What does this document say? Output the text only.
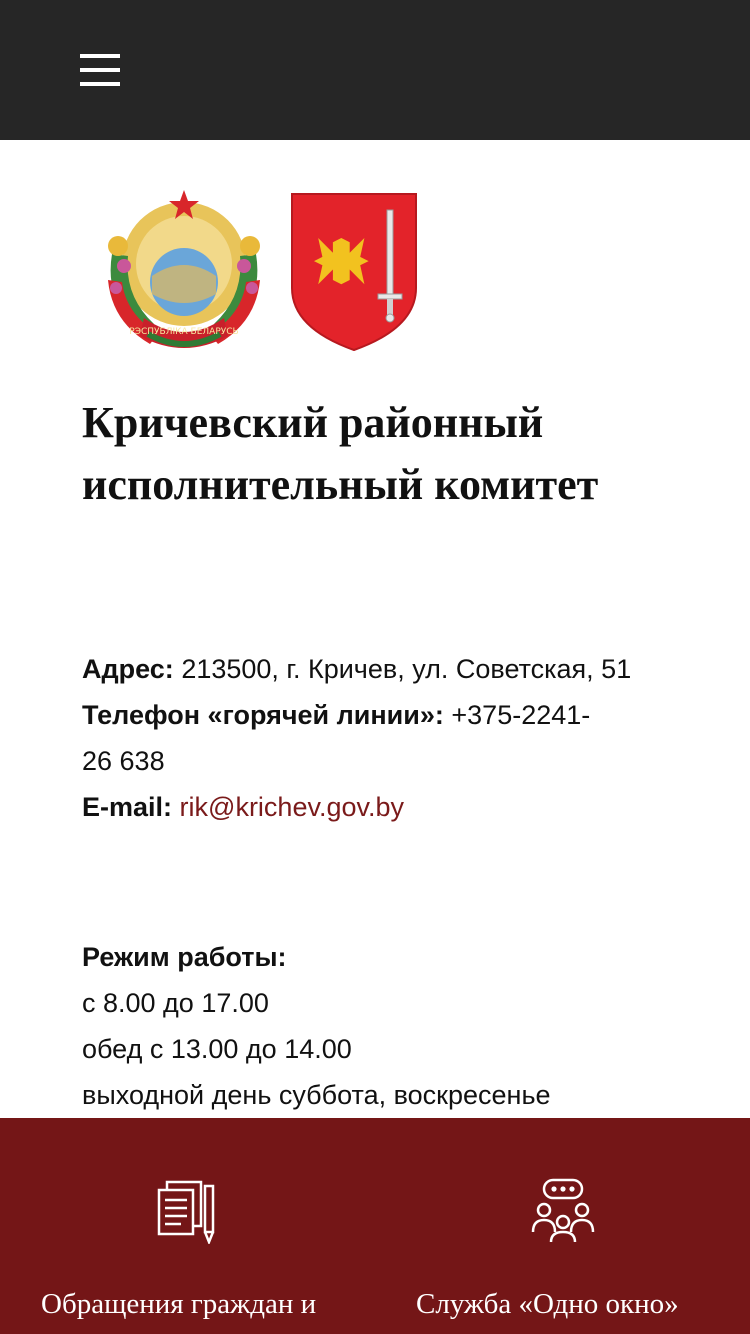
РЭСПУБЛІКА БЕЛАРУСЬ
Кричевский районный
исполнительный комитет
Адрес: 213500, г. Кричев, ул. Советская, 51
Телефон «горячей линии»: +375-2241-
26 638
E-mail: rik@krichev.gov.by
Режим работы:
с 8.00 до 17.00
обед с 13.00 до 14.00
выходной день суббота, воскресенье
Обращения граждан и	Служба «Одно окно»
